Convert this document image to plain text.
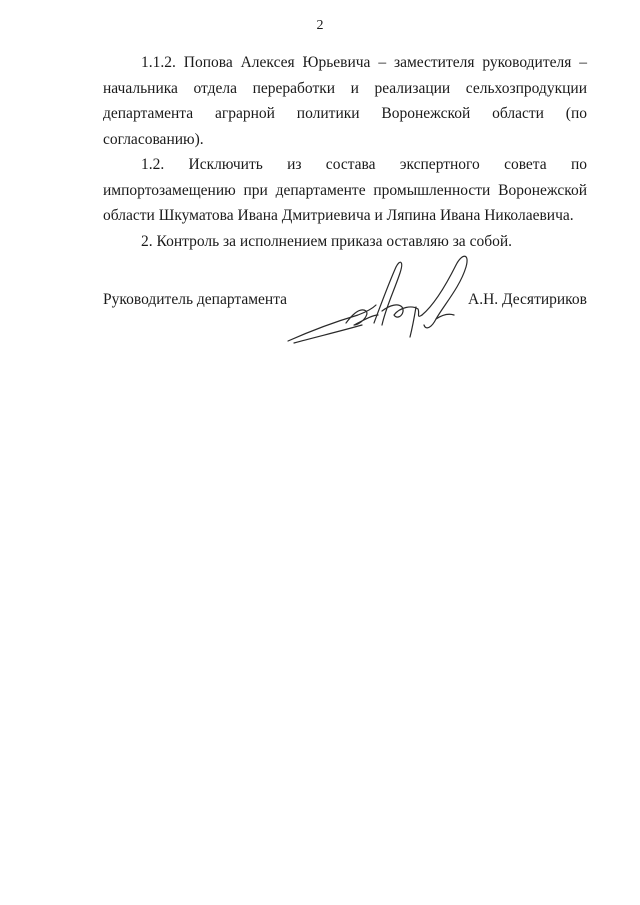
2

1.1.2. Попова Алексея Юрьевича – заместителя руководителя – начальника отдела переработки и реализации сельхозпродукции департамента аграрной политики Воронежской области (по согласованию).

1.2. Исключить из состава экспертного совета по импортозамещению при департаменте промышленности Воронежской области Шкуматова Ивана Дмитриевича и Ляпина Ивана Николаевича.

2. Контроль за исполнением приказа оставляю за собой.

Руководитель департамента	А.Н. Десятириков
